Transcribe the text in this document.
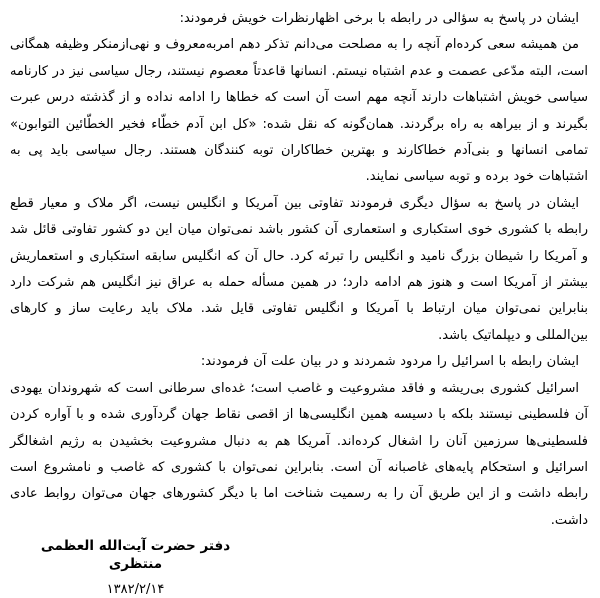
ایشان در پاسخ به سؤالی در رابطه با برخی اظهارنظرات خویش فرمودند:

من همیشه سعی کرده‌ام آنچه را به مصلحت می‌دانم تذکر دهم امربه‌معروف و نهی‌ازمنکر وظیفه همگانی است، البته مدّعی عصمت و عدم اشتباه نیستم. انسانها قاعدتاً معصوم نیستند، رجال سیاسی نیز در کارنامه سیاسی خویش اشتباهات دارند آنچه مهم است آن است که خطاها را ادامه نداده و از گذشته درس عبرت بگیرند و از بیراهه به راه برگردند. همان‌گونه که نقل شده: «کل ابن آدم خطّاء فخیر الخطّائین التوابون» تمامی انسانها و بنی‌آدم خطاکارند و بهترین خطاکاران توبه کنندگان هستند. رجال سیاسی باید پی به اشتباهات خود برده و توبه سیاسی نمایند.

ایشان در پاسخ به سؤال دیگری فرمودند تفاوتی بین آمریکا و انگلیس نیست، اگر ملاک و معیار قطع رابطه با کشوری خوی استکباری و استعماری آن کشور باشد نمی‌توان میان این دو کشور تفاوتی قائل شد و آمریکا را شیطان بزرگ نامید و انگلیس را تبرئه کرد. حال آن که انگلیس سابقه استکباری و استعماریش بیشتر از آمریکا است و هنوز هم ادامه دارد؛ در همین مسأله حمله به عراق نیز انگلیس هم شرکت دارد بنابراین نمی‌توان میان ارتباط با آمریکا و انگلیس تفاوتی قایل شد. ملاک باید رعایت ساز و کارهای بین‌المللی و دیپلماتیک باشد.

ایشان رابطه با اسرائیل را مردود شمردند و در بیان علت آن فرمودند:

اسرائیل کشوری بی‌ریشه و فاقد مشروعیت و غاصب است؛ غده‌ای سرطانی است که شهروندان یهودی آن فلسطینی نیستند بلکه با دسیسه همین انگلیسی‌ها از اقصی نقاط جهان گردآوری شده و با آواره کردن فلسطینی‌ها سرزمین آنان را اشغال کرده‌اند. آمریکا هم به دنبال مشروعیت بخشیدن به رژیم اشغالگر اسرائیل و استحکام پایه‌های غاصبانه آن است. بنابراین نمی‌توان با کشوری که غاصب و نامشروع است رابطه داشت و از این طریق آن را به رسمیت شناخت اما با دیگر کشورهای جهان می‌توان روابط عادی داشت.

دفتر حضرت آیت‌الله العظمی منتظری
۱۳۸۲/۲/۱۴
